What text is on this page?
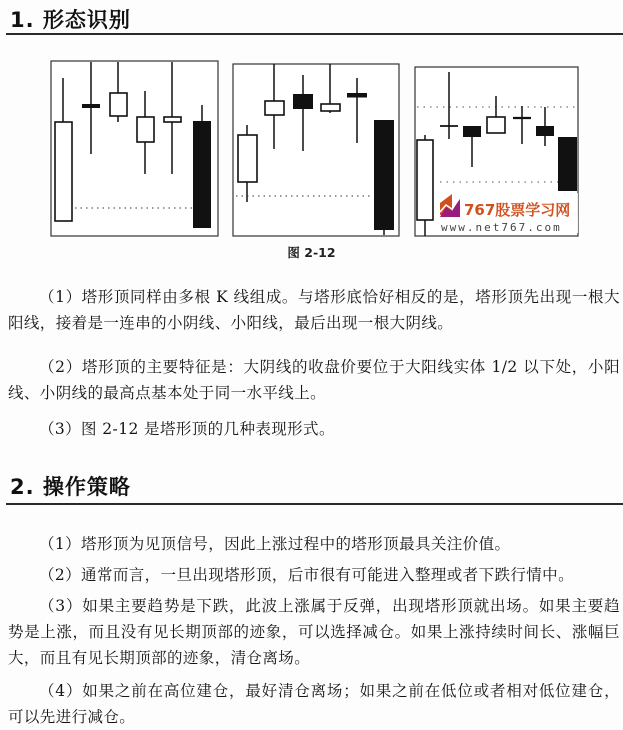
1. 形态识别
767股票学习网
www.net767.com
图 2-12

（1）塔形顶同样由多根 K 线组成。与塔形底恰好相反的是，塔形顶先出现一根大阳线，接着是一连串的小阴线、小阳线，最后出现一根大阴线。

（2）塔形顶的主要特征是：大阴线的收盘价要位于大阳线实体 1/2 以下处，小阳线、小阴线的最高点基本处于同一水平线上。

（3）图 2-12 是塔形顶的几种表现形式。

2. 操作策略

（1）塔形顶为见顶信号，因此上涨过程中的塔形顶最具关注价值。

（2）通常而言，一旦出现塔形顶，后市很有可能进入整理或者下跌行情中。

（3）如果主要趋势是下跌，此波上涨属于反弹，出现塔形顶就出场。如果主要趋势是上涨，而且没有见长期顶部的迹象，可以选择减仓。如果上涨持续时间长、涨幅巨大，而且有见长期顶部的迹象，清仓离场。

（4）如果之前在高位建仓，最好清仓离场；如果之前在低位或者相对低位建仓，可以先进行减仓。
